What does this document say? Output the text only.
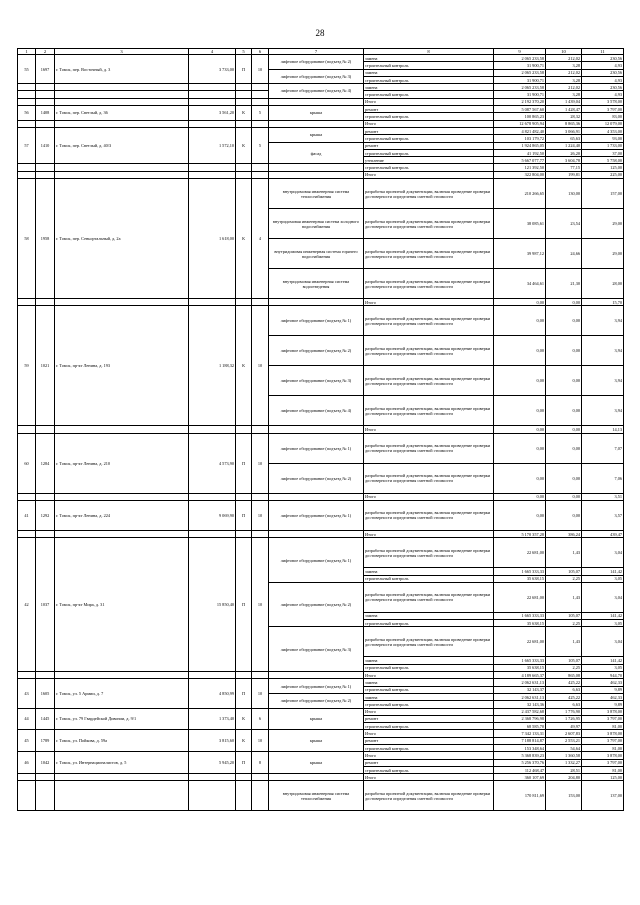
28
1	2	3	4	5	6	7	8	9	10	11
55	1697	г. Томск, пер. Восточный, д. 3	3 733,00	П	10	лифтовое оборудование (подъезд № 2)	замена	2 065 233,58	212,02	230,56
							строительный контроль	31 900,71	3,28	4,93
						лифтовое оборудование (подъезд № 3)	замена	2 065 233,58	212,02	230,56
							строительный контроль	31 900,71	3,28	4,93
						лифтовое оборудование (подъезд № 4)	замена	2 065 233,58	212,02	230,56
							строительный контроль	31 900,71	3,28	4,93
							Итого	2 192 370,20	1 439,04	3 578,00
56	1408	г. Томск, пер. Светлый, д. 36	3 561,20	К	5	крыша	ремонт	5 087 567,60	1 428,47	3 797,00
							строительный контроль	100 865,23	28,32	83,00
							Итого	12 678 905,94	8 865,36	12 079,00
57	1410	г. Томск, пер. Светлый, д. 40/3	1 572,10	К	5	крыша	ремонт	4 821 482,40	3 066,91	4 353,00
							строительный контроль	103 179,72	65,63	93,00
						фасад	ремонт	1 924 865,05	1 224,40	1 733,00
							строительный контроль	41 192,50	26,20	37,00
							утепление	5 667 077,77	3 604,78	5 758,00
							строительный контроль	121 392,50	77,15	125,00
							Итого	322 804,00	199,81	225,00
58	1958	г. Томск, пер. Сеньортальный, д. 2а	1 618,00	К	4	внутридомовая инженерная система теплоснабжения	разработка проектной документации, включая проведение проверки достоверности определения сметной стоимости	210 266,65	130,00	157,00
						внутридомовая инженерная система холодного водоснабжения	разработка проектной документации, включая проведение проверки достоверности определения сметной стоимости	38 085,61	23,54	29,00
						внутридомовая инженерная система горячего водоснабжения	разработка проектной документации, включая проведение проверки достоверности определения сметной стоимости	39 987,12	24,66	29,00
						внутридомовая инженерная система водоотведения	разработка проектной документации, включая проведение проверки достоверности определения сметной стоимости	34 464,61	21,30	28,00
							Итого	0,00	0,00	15,70
59	1021	г. Томск, пр-кт Ленина, д. 193	1 188,32	К	10	лифтовое оборудование (подъезд № 1)	разработка проектной документации, включая проведение проверки достоверности определения сметной стоимости	0,00	0,00	3,94
						лифтовое оборудование (подъезд № 2)	разработка проектной документации, включая проведение проверки достоверности определения сметной стоимости	0,00	0,00	3,94
						лифтовое оборудование (подъезд № 3)	разработка проектной документации, включая проведение проверки достоверности определения сметной стоимости	0,00	0,00	3,94
						лифтовое оборудование (подъезд № 4)	разработка проектной документации, включая проведение проверки достоверности определения сметной стоимости	0,00	0,00	3,94
							Итого	0,00	0,00	14,13
60	1284	г. Томск, пр-кт Ленина, д. 210	4 573,90	П	10	лифтовое оборудование (подъезд № 1)	разработка проектной документации, включая проведение проверки достоверности определения сметной стоимости	0,00	0,00	7,07
						лифтовое оборудование (подъезд № 2)	разработка проектной документации, включая проведение проверки достоверности определения сметной стоимости	0,00	0,00	7,06
							Итого	0,00	0,00	3,51
41	1292	г. Томск, пр-кт Ленина, д. 224	9 069,90	П	10	лифтовое оборудование (подъезд № 1)	разработка проектной документации, включая проведение проверки достоверности определения сметной стоимости	0,00	0,00	3,57
							Итого	5 170 357,28	386,24	439,47
42	1037	г. Томск, пр-кт Мира, д. 31	15 850,40	П	10	лифтовое оборудование (подъезд № 1)	разработка проектной документации, включая проведение проверки достоверности определения сметной стоимости	22 681,00	1,43	3,04
							замена	1 665 333,33	105,07	141,42
							строительный контроль	35 638,15	2,25	3,05
						лифтовое оборудование (подъезд № 2)	разработка проектной документации, включая проведение проверки достоверности определения сметной стоимости	22 681,00	1,43	3,04
							замена	1 665 333,33	105,07	141,42
							строительный контроль	35 638,15	2,25	3,05
						лифтовое оборудование (подъезд № 3)	разработка проектной документации, включая проведение проверки достоверности определения сметной стоимости	22 681,00	1,43	3,04
							замена	1 665 333,33	105,07	141,42
							строительный контроль	35 638,15	2,25	3,05
							Итого	4 189 665,37	865,08	944,70
43	1605	г. Томск, ул. 5 Армии, д. 7	4 850,99	П	10	лифтовое оборудование (подъезд № 1)	замена	2 062 631,13	425,22	462,33
							строительный контроль	32 143,37	6,63	9,89
						лифтовое оборудование (подъезд № 2)	замена	2 062 631,13	425,22	462,33
							строительный контроль	32 143,36	6,63	9,89
44	1445	г. Томск, ул. 79 Гвардейской Дивизии, д. 9/1	1 373,40	К	6	крыша	Итого	2 437 582,68	1 776,90	3 878,00
							ремонт	2 368 796,98	1 726,95	3 797,00
							строительный контроль	68 585,70	49,97	81,00
45	1789	г. Томск, ул. Пойкова, д. 59а	3 815,60	К	10	крыша	Итого	7 342 133,31	2 607,83	3 878,00
							ремонт	7 188 814,87	2 553,21	3 797,00
							строительный контроль	153 348,64	54,64	81,00
46	1042	г. Томск, ул. Интернационалистов, д. 5	5 945,20	П	8	крыша	Итого	5 368 839,23	1 360,58	3 878,00
							ремонт	5 256 370,76	1 332,27	3 797,00
							строительный контроль	112 468,47	28,51	81,00
							Итого	360 107,69	204,80	125,00
						внутридомовая инженерная система теплоснабжения	разработка проектной документации, включая проведение проверки достоверности определения сметной стоимости	170 811,69	153,00	137,00
